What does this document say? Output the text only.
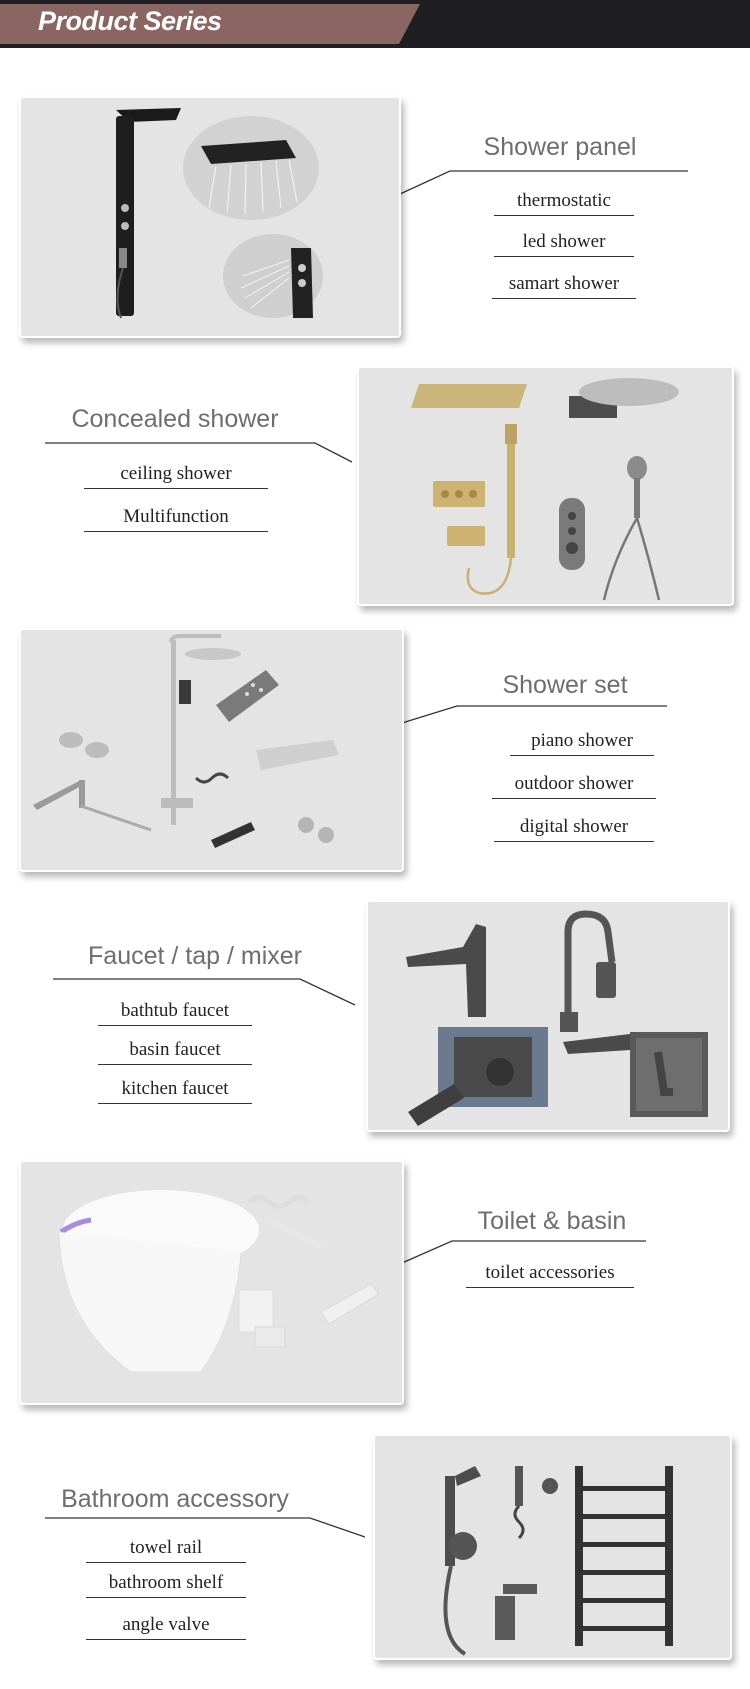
Product Series
Shower panel
thermostatic
led shower
samart shower
Concealed shower
ceiling shower
Multifunction
Shower set
piano shower
outdoor shower
digital shower
Faucet / tap / mixer
bathtub faucet
basin faucet
kitchen faucet
Toilet & basin
toilet accessories
Bathroom accessory
towel rail
bathroom shelf
angle valve
